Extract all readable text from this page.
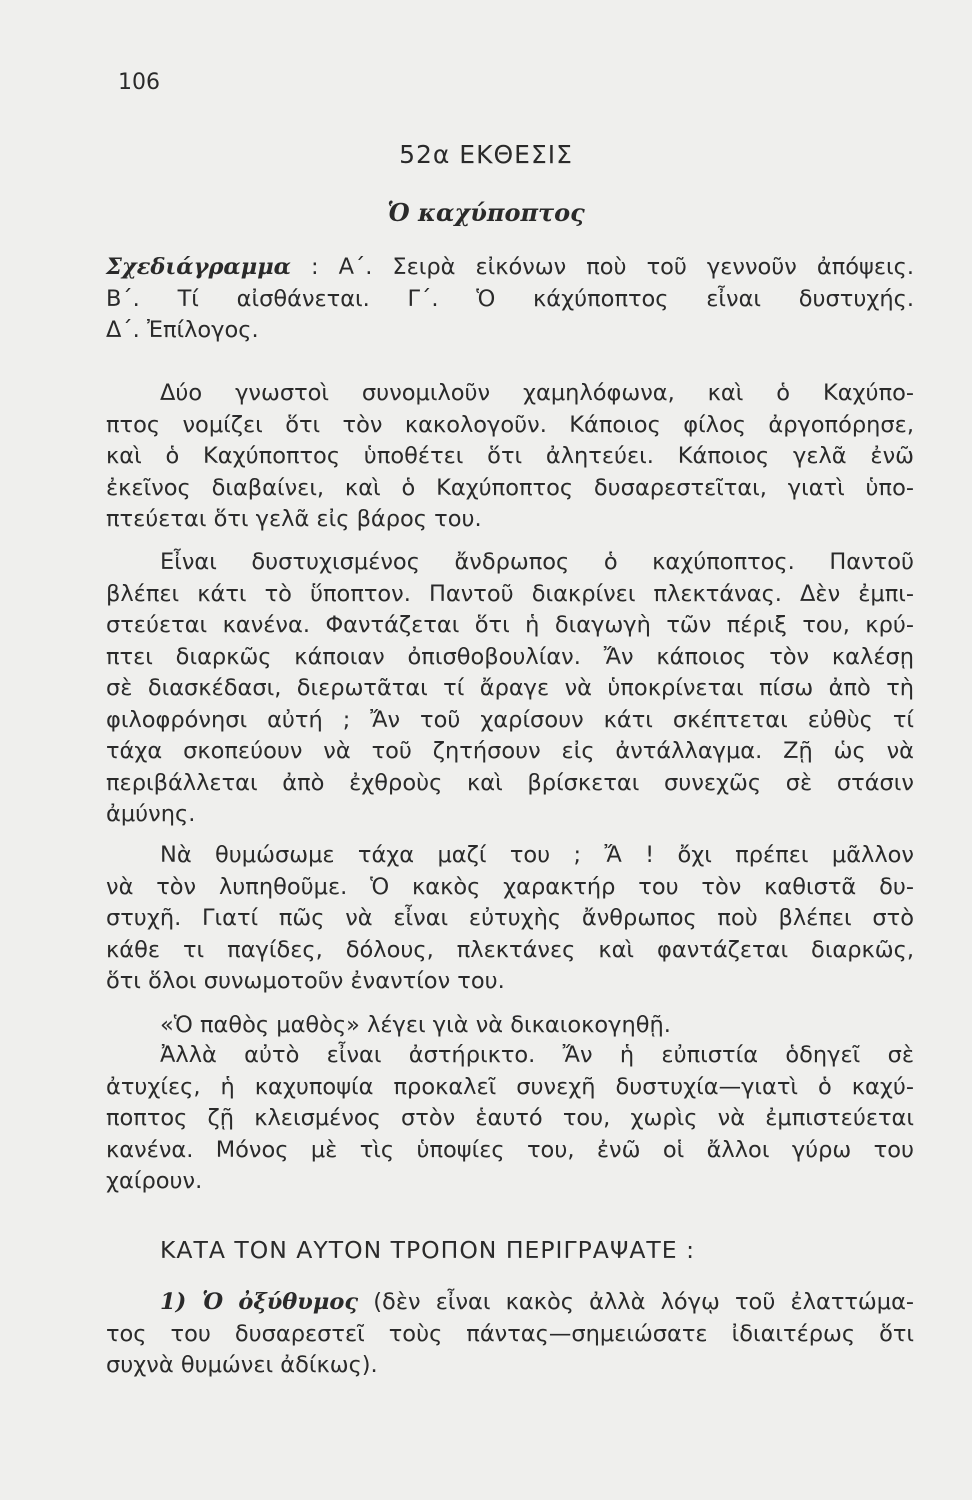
106
52α ΕΚΘΕΣΙΣ
Ὁ καχύποπτος
Σχεδιάγραμμα : Α΄. Σειρὰ εἰκόνων ποὺ τοῦ γεννοῦν ἀπόψεις.
Β΄. Τί αἰσθάνεται. Γ΄. Ὁ κάχύποπτος εἶναι δυστυχής.
Δ΄. Ἐπίλογος.
Δύο γνωστοὶ συνομιλοῦν χαμηλόφωνα, καὶ ὁ Καχύπο-
πτος νομίζει ὅτι τὸν κακολογοῦν. Κάποιος φίλος ἀργοπόρησε,
καὶ ὁ Καχύποπτος ὑποθέτει ὅτι ἀλητεύει. Κάποιος γελᾶ ἐνῶ
ἐκεῖνος διαβαίνει, καὶ ὁ Καχύποπτος δυσαρεστεῖται, γιατὶ ὑπο-
πτεύεται ὅτι γελᾶ εἰς βάρος του.
Εἶναι δυστυχισμένος ἄνδρωπος ὁ καχύποπτος. Παντοῦ
βλέπει κάτι τὸ ὕποπτον. Παντοῦ διακρίνει πλεκτάνας. Δὲν ἐμπι-
στεύεται κανένα. Φαντάζεται ὅτι ἡ διαγωγὴ τῶν πέριξ του, κρύ-
πτει διαρκῶς κάποιαν ὀπισθοβουλίαν. Ἄν κάποιος τὸν καλέσῃ
σὲ διασκέδασι, διερωτᾶται τί ἄραγε νὰ ὑποκρίνεται πίσω ἀπὸ τὴ
φιλοφρόνησι αὐτή ; Ἄν τοῦ χαρίσουν κάτι σκέπτεται εὐθὺς τί
τάχα σκοπεύουν νὰ τοῦ ζητήσουν εἰς ἀντάλλαγμα. Ζῇ ὡς νὰ
περιβάλλεται ἀπὸ ἐχθροὺς καὶ βρίσκεται συνεχῶς σὲ στάσιν
ἀμύνης.
Νὰ θυμώσωμε τάχα μαζί του ; Ἄ ! ὄχι πρέπει μᾶλλον
νὰ τὸν λυπηθοῦμε. Ὁ κακὸς χαρακτήρ του τὸν καθιστᾶ δυ-
στυχῆ. Γιατί πῶς νὰ εἶναι εὐτυχὴς ἄνθρωπος ποὺ βλέπει στὸ
κάθε τι παγίδες, δόλους, πλεκτάνες καὶ φαντάζεται διαρκῶς,
ὅτι ὅλοι συνωμοτοῦν ἐναντίον του.
«Ὁ παθὸς μαθὸς» λέγει γιὰ νὰ δικαιοκογηθῇ.
Ἀλλὰ αὐτὸ εἶναι ἀστήρικτο. Ἄν ἡ εὐπιστία ὁδηγεῖ σὲ
ἀτυχίες, ἡ καχυποψία προκαλεῖ συνεχῆ δυστυχία—γιατὶ ὁ καχύ-
ποπτος ζῇ κλεισμένος στὸν ἑαυτό του, χωρὶς νὰ ἐμπιστεύεται
κανένα. Μόνος μὲ τὶς ὑποψίες του, ἐνῶ οἱ ἄλλοι γύρω του
χαίρουν.
ΚΑΤΑ ΤΟΝ ΑΥΤΟΝ ΤΡΟΠΟΝ ΠΕΡΙΓΡΑΨΑΤΕ :
1) Ὁ ὀξύθυμος (δὲν εἶναι κακὸς ἀλλὰ λόγῳ τοῦ ἐλαττώμα-
τος του δυσαρεστεῖ τοὺς πάντας—σημειώσατε ἰδιαιτέρως ὅτι
συχνὰ θυμώνει ἀδίκως).
